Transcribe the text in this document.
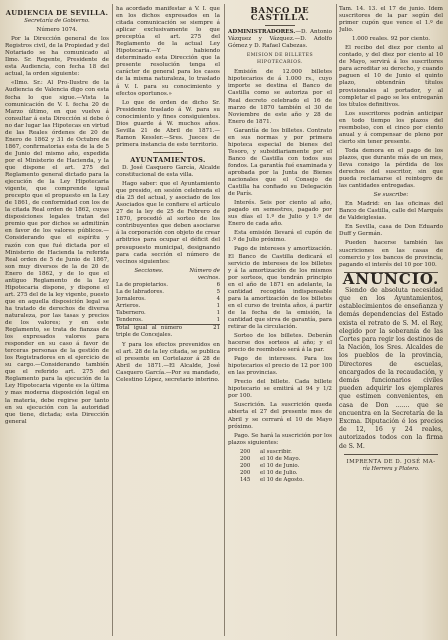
AUDIENCIA DE SEVILLA.
Secretaría de Gobierno.
Número 1074.

Por la Dirección general de los Registros civil, de la Propiedad y del Notariado se ha comunicado al Ilmo. Sr. Regente, Presidente de esta Audiencia, con fecha 18 del actual, la orden siguiente:

«Ilmo. Sr.: Al Pro-Ilustre de la Audiencia de Valencia digo con esta fecha lo que sigue.—Vista la comunicación de V. I. fecha 20 de Marzo último, en que vuelvo á consultar á esta Dirección si debe ó no dar lugar las Hipotecas en virtud de las Reales órdenes de 20 de Enero de 1862 y 31 de Octubre de 1867, confirmatorias esta de la de 5 de Junio del mismo año, expedida por el Ministerio de Hacienda, y la que dispone el art. 275 del Reglamento general dictado para la ejecución de la Ley Hipotecaria vigente, que comprende igual precepto que el propuesto en la Ley de 1861, de conformidad con los de la citada Real orden de 1862, cuyas disposiciones legales tratan del premio que por dichos se admitirán en favor de los valores públicos.—Considerando que el espíritu y razón con que fué dictada por el Ministerio de Hacienda la referida Real orden de 5 de Junio de 1867, son muy diversos de la de 20 de Enero de 1862, y de lo que el antiguo Reglamento de la Ley Hipotecaria dispone, y dispone el art. 275 del de la ley vigente, puesto que en aquella disposición legal se ha tratado de derechos de diversa naturaleza, por las tasas y precios de los valores; y en este Reglamento, se trata de fianzas de los expresados valores para responder en su caso á favor de terceras personas de la gestión de los Registradores en el ejercicio de su cargo.—Considerando también que el referido art. 275 del Reglamento para la ejecución de la Ley Hipotecaria vigente es la última y mas moderna disposición legal en la materia, debe regirse por tanto en su ejecución con la autoridad que tiene, dictada; esta Dirección general

ha acordado manifestar á V. I. que en los dichos expresados en la citada comunicación se siempre á aplicar exclusivamente lo que preceptúa el art. 275 del Reglamento de la actual Ley Hipotecaria.—Y habiendo determinado esta Dirección que la presente resolución tenga el carácter de general para los casos de la misma naturaleza, lo traslado á V. I. para su conocimiento y efectos oportunos.»

Lo que de orden de dicho Sr. Presidente traslado á W. para su conocimiento y fines consiguientes. Dios guarde á W. muchos años. Sevilla 21 de Abril de 1871.—Ramon Kessler.—Sres. Jueces de primera instancia de este territorio.

AYUNTAMIENTOS.

D. José Casquero García, Alcalde constitucional de esta villa.

Hago saber: que el Ayuntamiento que presido, en sesión celebrada el día 25 del actual, y asociado de los Asociados que le confiere el artículo 27 de la ley de 25 de Febrero de 1870, procedió al sorteo de los contribuyentes que deben asociarse á la corporación con objeto de crear arbitrios para ocupar el déficit del presupuesto municipal, designando para cada sección el número de vecinos siguientes:

Secciones.	Número de vecinos.
La de propietarios.	6
La de labradores.	5
Jornaleros.	4
Arrieros.	1
Tabernero.	1
Tenderos.	1
Total igual al número triple de Concejales.	21

Y para los efectos prevenidos en el art. 28 de la ley citada, se publica el presente en Cortelazor á 28 de Abril de 1871.—El Alcalde, José Casquero García.—Por su mandado, Celestino López, secretario interino.

BANCO DE CASTILLA.

ADMINISTRADORES.—D. Antonio Vázquez y Vázquez.—D. Adolfo Gómez y D. Rafael Cabezas.

EMISION DE BILLETES HIPOTECARIOS.

Emisión de 12.000 billetes hipotecarios de á 1.000 rs., cuyo importe se destina el Banco de Castilla como se autoriza por el Real decreto celebrado el 16 de marzo de 1870 también el 30 de Noviembre de este año y 28 de Enero de 1871.

Garantía de los billetes. Contrato en sus normas y por primera hipoteca especial de bienes del Tesoro, y subsidiariamente por el Banco de Castilla con todos sus fondos. La garantía fué examinada y aprobada por la Junta de Bienes nacionales que el Consejo de Castilla ha confiado su Delegación de París.

Interés. Seis por ciento al año, pagado en semestres, pagado por sus días el 1.º de Julio y 1.º de Enero de cada año.

Esta emisión llevará el cupón de 1.º de Julio próximo.

Pago de intereses y amortización. El Banco de Castilla dedicará el servicio de intereses de los billetes y á la amortización de los mismos por sorteos, que tendrán principio en el año de 1871 en adelante, la cantidad recogida indispensable para la amortización de los billetes en el curso de treinta años, á partir de la fecha de la emisión, la cantidad que sirva de garantía, para retirar de la circulación.

Sorteo de los billetes. Deberán hacerse dos sorteos al año; y el precio de reembolso será á la par.

Pago de intereses. Para los hipotecarios el precio de 12 por 100 en las provincias.

Precio del billete. Cada billete hipotecario se emitirá al 94 y 1/2 por 100.

Suscrición. La suscrición queda abierta el 27 del presente mes de Abril y se cerrará el 10 de Mayo próximo.

Pago. Se hará la suscrición por los plazos siguientes:

200	al suscribir.
200	el 10 de Mayo.
200	el 10 de Junio.
200	el 10 de Julio.
145	el 10 de Agosto.

Tam. 14. 13. el 17 de junio. Idem suscritores de la par según del primer cupón que vence el 1.º de Julio.

1.000 reales. 92 por ciento.

El recibo del diez por ciento al contado, y del diez por ciento al 10 de Mayo, servirá á los suscritores para acreditar su derecho, y cuando paguen el 10 de Junio el quinto plazo, obtendrán títulos provisionales al portador, y al completar el pago se les entregarán los títulos definitivos.

Los suscritores podrán anticipar en todo tiempo los plazos del reembolso, con el cinco por ciento anual y á compensar de pleno por cierto sin tener presente.

Toda demora en el pago de los plazos, que durante más de un mes, lleva consigo la pérdida de los derechos del suscritor, sin que pueda reclamarse el reintegro de las cantidades entregadas.

Se suscribe:

En Madrid: en las oficinas del Banco de Castilla, calle del Marqués de Valdeiglesias.

En Sevilla, casa de Don Eduardo Duff y Germán.

Pueden hacerse también las suscriciones en las casas de comercio y los bancos de provincia, pagando el interés del 10 por 100.

ANUNCIO.

Siendo de absoluta necesidad que en los Ayuntamientos, establecimientos de enseñanza y demás dependencias del Estado exista el retrato de S. M. el Rey, elegido por la soberanía de las Cortes para regir los destinos de la Nación, los Sres. Alcaldes de los pueblos de la provincia, Directores de escuelas, encargados de la recaudación, y demás funcionarios civiles pueden adquirir los ejemplares que estimen convenientes, en casa de Don ....... que se encuentra en la Secretaría de la Excma. Diputación é los precios de 12, 16 y 24 reales, autorizados todos con la firma de S. M.

IMPRENTA DE D. JOSÉ MA-
ría Herrera y Platero.
